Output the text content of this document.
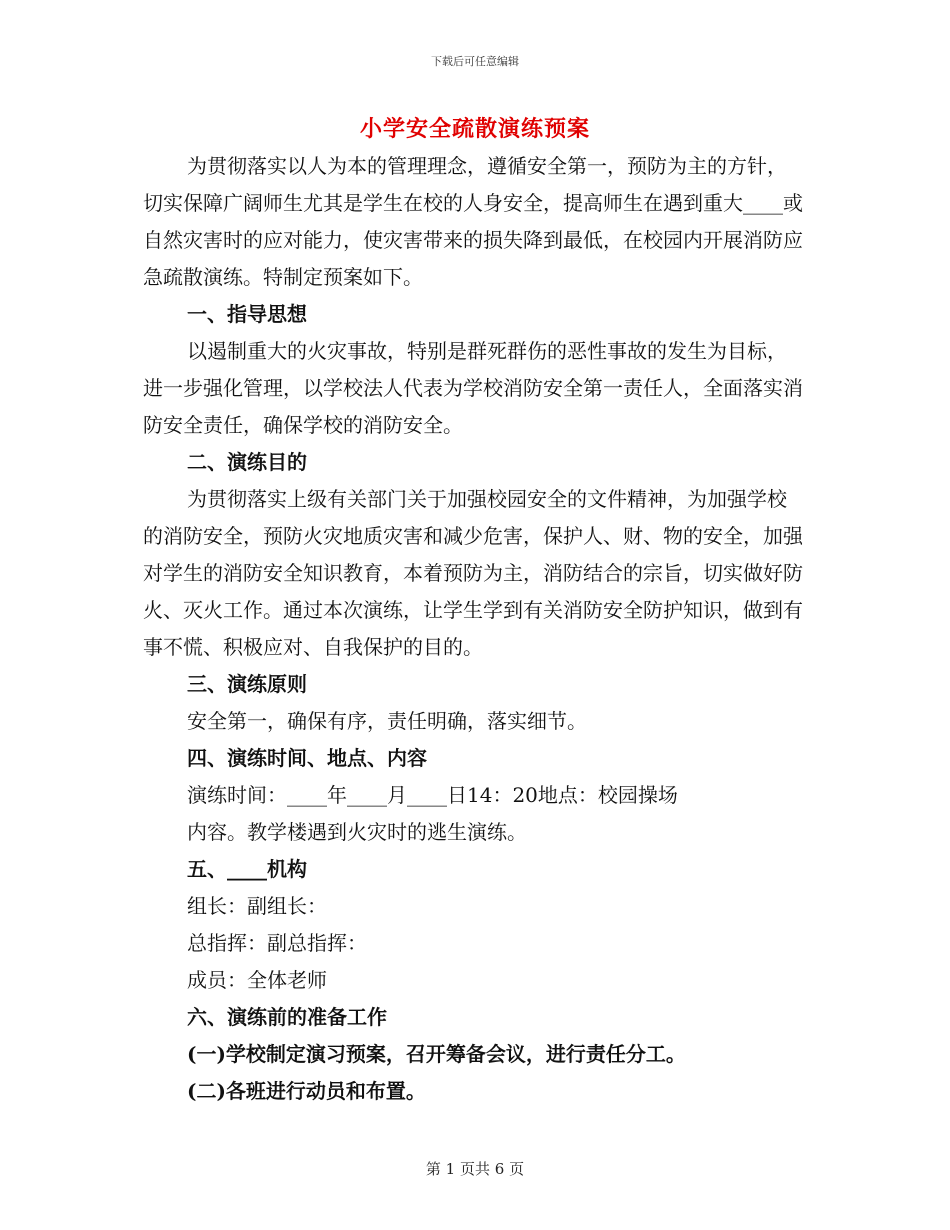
下载后可任意编辑
小学安全疏散演练预案

为贯彻落实以人为本的管理理念，遵循安全第一，预防为主的方针，切实保障广阔师生尤其是学生在校的人身安全，提高师生在遇到重大____或自然灾害时的应对能力，使灾害带来的损失降到最低，在校园内开展消防应急疏散演练。特制定预案如下。

一、指导思想

以遏制重大的火灾事故，特别是群死群伤的恶性事故的发生为目标，进一步强化管理，以学校法人代表为学校消防安全第一责任人，全面落实消防安全责任，确保学校的消防安全。

二、演练目的

为贯彻落实上级有关部门关于加强校园安全的文件精神，为加强学校的消防安全，预防火灾地质灾害和减少危害，保护人、财、物的安全，加强对学生的消防安全知识教育，本着预防为主，消防结合的宗旨，切实做好防火、灭火工作。通过本次演练，让学生学到有关消防安全防护知识，做到有事不慌、积极应对、自我保护的目的。

三、演练原则

安全第一，确保有序，责任明确，落实细节。

四、演练时间、地点、内容

演练时间：____年____月____日14：20地点：校园操场

内容。教学楼遇到火灾时的逃生演练。

五、____机构

组长：副组长：

总指挥：副总指挥：

成员：全体老师

六、演练前的准备工作

(一)学校制定演习预案，召开筹备会议，进行责任分工。

(二)各班进行动员和布置。

第 1 页共 6 页
